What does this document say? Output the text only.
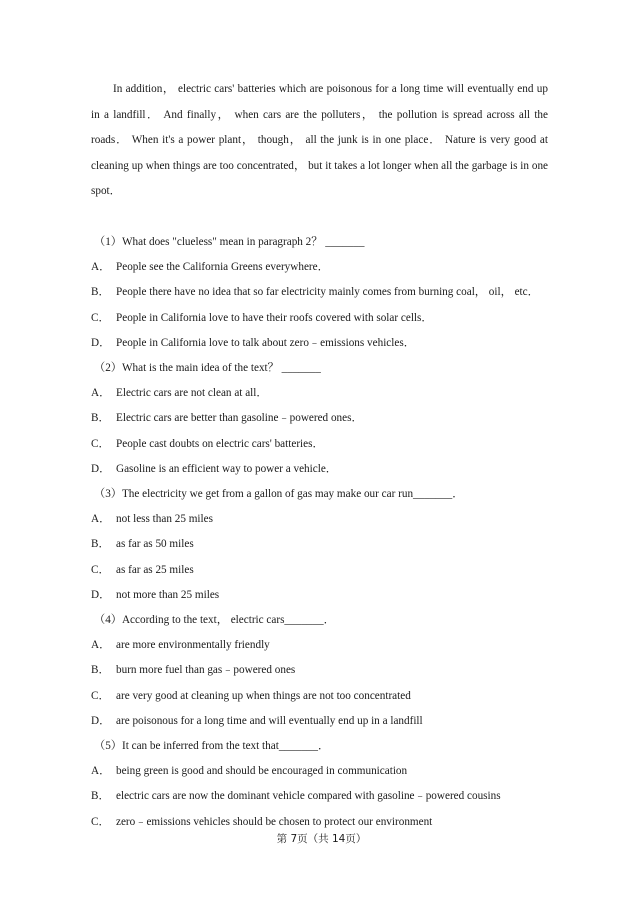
In addition， electric cars' batteries which are poisonous for a long time will eventually end up in a landfill． And finally， when cars are the polluters， the pollution is spread across all the roads． When it's a power plant， though， all the junk is in one place． Nature is very good at cleaning up when things are too concentrated， but it takes a lot longer when all the garbage is in one spot．

（1）What does "clueless" mean in paragraph 2？ _______
A． People see the California Greens everywhere．
B． People there have no idea that so far electricity mainly comes from burning coal， oil， etc．
C． People in California love to have their roofs covered with solar cells．
D． People in California love to talk about zero﹣emissions vehicles．
（2）What is the main idea of the text？ _______
A． Electric cars are not clean at all．
B． Electric cars are better than gasoline﹣powered ones．
C． People cast doubts on electric cars' batteries．
D． Gasoline is an efficient way to power a vehicle．
（3）The electricity we get from a gallon of gas may make our car run_______．
A． not less than 25 miles
B． as far as 50 miles
C． as far as 25 miles
D． not more than 25 miles
（4）According to the text， electric cars_______．
A． are more environmentally friendly
B． burn more fuel than gas﹣powered ones
C． are very good at cleaning up when things are not too concentrated
D． are poisonous for a long time and will eventually end up in a landfill
（5）It can be inferred from the text that_______．
A． being green is good and should be encouraged in communication
B． electric cars are now the dominant vehicle compared with gasoline﹣powered cousins
C． zero﹣emissions vehicles should be chosen to protect our environment
第 7页（共 14页）
